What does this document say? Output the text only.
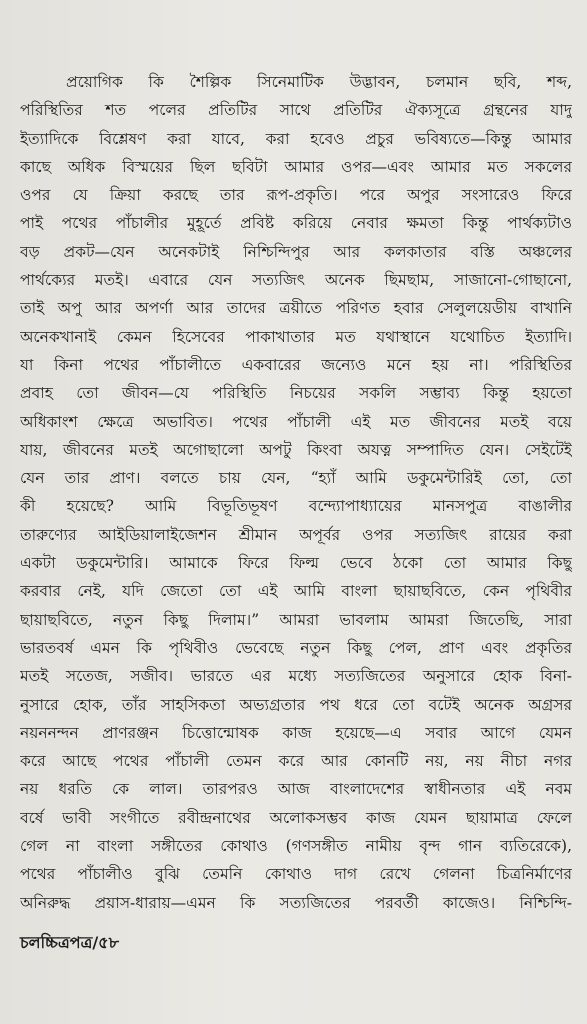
প্রয়োগিক কি শৈল্পিক সিনেমাটিক উদ্ভাবন, চলমান ছবি, শব্দ,
পরিস্থিতির শত পলের প্রতিটির সাথে প্রতিটির ঐক্যসূত্রে গ্রন্থনের যাদু
ইত্যাদিকে বিশ্লেষণ করা যাবে, করা হবেও প্রচুর ভবিষ্যতে—কিন্তু আমার
কাছে অধিক বিস্ময়ের ছিল ছবিটা আমার ওপর—এবং আমার মত সকলের
ওপর যে ক্রিয়া করছে তার রূপ-প্রকৃতি। পরে অপুর সংসারেও ফিরে
পাই পথের পাঁচালীর মুহূর্তে প্রবিষ্ট করিয়ে নেবার ক্ষমতা কিন্তু পার্থক্যটাও
বড় প্রকট—যেন অনেকটাই নিশ্চিন্দিপুর আর কলকাতার বস্তি অঞ্চলের
পার্থক্যের মতই। এবারে যেন সত্যজিৎ অনেক ছিমছাম, সাজানো-গোছানো,
তাই অপু আর অপর্ণা আর তাদের ত্রয়ীতে পরিণত হবার সেলুলয়েডীয় বাখানি
অনেকখানাই কেমন হিসেবের পাকাখাতার মত যথাস্থানে যথোচিত ইত্যাদি।
যা কিনা পথের পাঁচালীতে একবারের জন্যেও মনে হয় না। পরিস্থিতির
প্রবাহ তো জীবন—যে পরিস্থিতি নিচয়ের সকলি সম্ভাব্য কিন্তু হয়তো
অধিকাংশ ক্ষেত্রে অভাবিত। পথের পাঁচালী এই মত জীবনের মতই বয়ে
যায়, জীবনের মতই অগোছালো অপটু কিংবা অযত্ন সম্পাদিত যেন। সেইটেই
যেন তার প্রাণ। বলতে চায় যেন, “হ্যাঁ আমি ডকুমেন্টারিই তো, তো
কী হয়েছে? আমি বিভূতিভূষণ বন্দ্যোপাধ্যায়ের মানসপুত্র বাঙালীর
তারুণ্যের আইডিয়ালাইজেশন শ্রীমান অপূর্বর ওপর সত্যজিৎ রায়ের করা
একটা ডকুমেন্টারি। আমাকে ফিরে ফিল্ম ভেবে ঠকো তো আমার কিছু
করবার নেই, যদি জেতো তো এই আমি বাংলা ছায়াছবিতে, কেন পৃথিবীর
ছায়াছবিতে, নতুন কিছু দিলাম।” আমরা ভাবলাম আমরা জিতেছি, সারা
ভারতবর্ষ এমন কি পৃথিবীও ভেবেছে নতুন কিছু পেল, প্রাণ এবং প্রকৃতির
মতই সতেজ, সজীব। ভারতে এর মধ্যে সত্যজিতের অনুসারে হোক বিনা-
নুসারে হোক, তাঁর সাহসিকতা অভ্যগ্রতার পথ ধরে তো বটেই অনেক অগ্রসর
নয়ননন্দন প্রাণরঞ্জন চিত্তোন্মোষক কাজ হয়েছে—এ সবার আগে যেমন
করে আছে পথের পাঁচালী তেমন করে আর কোনটি নয়, নয় নীচা নগর
নয় ধরতি কে লাল। তারপরও আজ বাংলাদেশের স্বাধীনতার এই নবম
বর্ষে ভাবী সংগীতে রবীন্দ্রনাথের অলোকসম্ভব কাজ যেমন ছায়ামাত্র ফেলে
গেল না বাংলা সঙ্গীতের কোথাও (গণসঙ্গীত নামীয় বৃন্দ গান ব্যতিরেকে),
পথের পাঁচালীও বুঝি তেমনি কোথাও দাগ রেখে গেলনা চিত্রনির্মাণের
অনিরুদ্ধ প্রয়াস-ধারায়—এমন কি সত্যজিতের পরবর্তী কাজেও। নিশ্চিন্দি-
চলচ্চিত্রপত্র/৫৮
